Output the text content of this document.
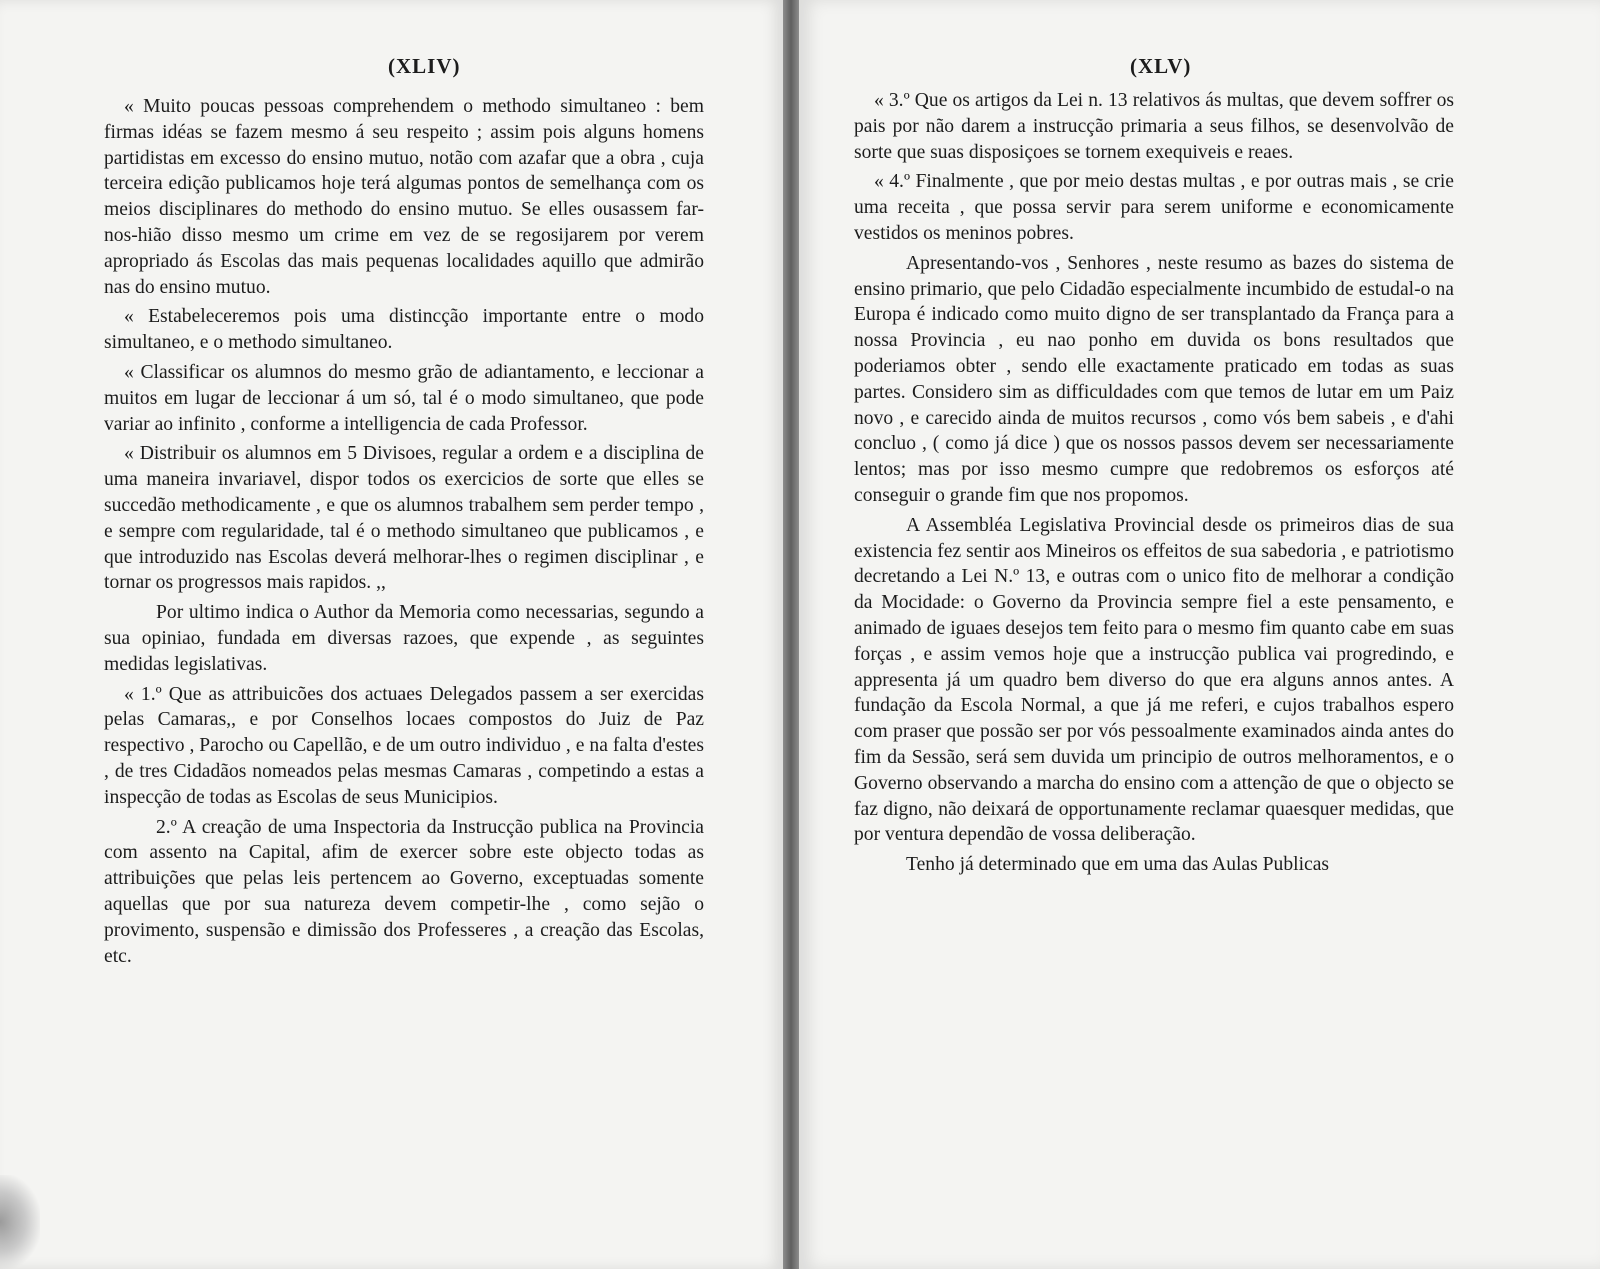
(XLIV)

« Muito poucas pessoas comprehendem o methodo simultaneo : bem firmas idéas se fazem mesmo á seu respeito ; assim pois alguns homens partidistas em excesso do ensino mutuo, notão com azafar que a obra , cuja terceira edição publicamos hoje terá algumas pontos de semelhança com os meios disciplinares do methodo do ensino mutuo. Se elles ousassem far-nos-hião disso mesmo um crime em vez de se regosijarem por verem apropriado ás Escolas das mais pequenas localidades aquillo que admirão nas do ensino mutuo.

« Estabeleceremos pois uma distincção importante entre o modo simultaneo, e o methodo simultaneo.

« Classificar os alumnos do mesmo grão de adiantamento, e leccionar a muitos em lugar de leccionar á um só, tal é o modo simultaneo, que pode variar ao infinito , conforme a intelligencia de cada Professor.

« Distribuir os alumnos em 5 Divisoes, regular a ordem e a disciplina de uma maneira invariavel, dispor todos os exercicios de sorte que elles se succedão methodicamente , e que os alumnos trabalhem sem perder tempo , e sempre com regularidade, tal é o methodo simultaneo que publicamos , e que introduzido nas Escolas deverá melhorar-lhes o regimen disciplinar , e tornar os progressos mais rapidos. ,,

Por ultimo indica o Author da Memoria como necessarias, segundo a sua opiniao, fundada em diversas razoes, que expende , as seguintes medidas legislativas.

« 1.º Que as attribuicões dos actuaes Delegados passem a ser exercidas pelas Camaras,, e por Conselhos locaes compostos do Juiz de Paz respectivo , Parocho ou Capellão, e de um outro individuo , e na falta d'estes , de tres Cidadãos nomeados pelas mesmas Camaras , competindo a estas a inspecção de todas as Escolas de seus Municipios.

2.º A creação de uma Inspectoria da Instrucção publica na Provincia com assento na Capital, afim de exercer sobre este objecto todas as attribuições que pelas leis pertencem ao Governo, exceptuadas somente aquellas que por sua natureza devem competir-lhe , como sejão o provimento, suspensão e dimissão dos Professeres , a creação das Escolas, etc.

(XLV)

« 3.º Que os artigos da Lei n. 13 relativos ás multas, que devem soffrer os pais por não darem a instrucção primaria a seus filhos, se desenvolvão de sorte que suas disposiçoes se tornem exequiveis e reaes.

« 4.º Finalmente , que por meio destas multas , e por outras mais , se crie uma receita , que possa servir para serem uniforme e economicamente vestidos os meninos pobres.

Apresentando-vos , Senhores , neste resumo as bazes do sistema de ensino primario, que pelo Cidadão especialmente incumbido de estudal-o na Europa é indicado como muito digno de ser transplantado da França para a nossa Provincia , eu nao ponho em duvida os bons resultados que poderiamos obter , sendo elle exactamente praticado em todas as suas partes. Considero sim as difficuldades com que temos de lutar em um Paiz novo , e carecido ainda de muitos recursos , como vós bem sabeis , e d'ahi concluo , ( como já dice ) que os nossos passos devem ser necessariamente lentos; mas por isso mesmo cumpre que redobremos os esforços até conseguir o grande fim que nos propomos.

A Assembléa Legislativa Provincial desde os primeiros dias de sua existencia fez sentir aos Mineiros os effeitos de sua sabedoria , e patriotismo decretando a Lei N.º 13, e outras com o unico fito de melhorar a condição da Mocidade: o Governo da Provincia sempre fiel a este pensamento, e animado de iguaes desejos tem feito para o mesmo fim quanto cabe em suas forças , e assim vemos hoje que a instrucção publica vai progredindo, e appresenta já um quadro bem diverso do que era alguns annos antes. A fundação da Escola Normal, a que já me referi, e cujos trabalhos espero com praser que possão ser por vós pessoalmente examinados ainda antes do fim da Sessão, será sem duvida um principio de outros melhoramentos, e o Governo observando a marcha do ensino com a attenção de que o objecto se faz digno, não deixará de opportunamente reclamar quaesquer medidas, que por ventura dependão de vossa deliberação.

Tenho já determinado que em uma das Aulas Publicas
